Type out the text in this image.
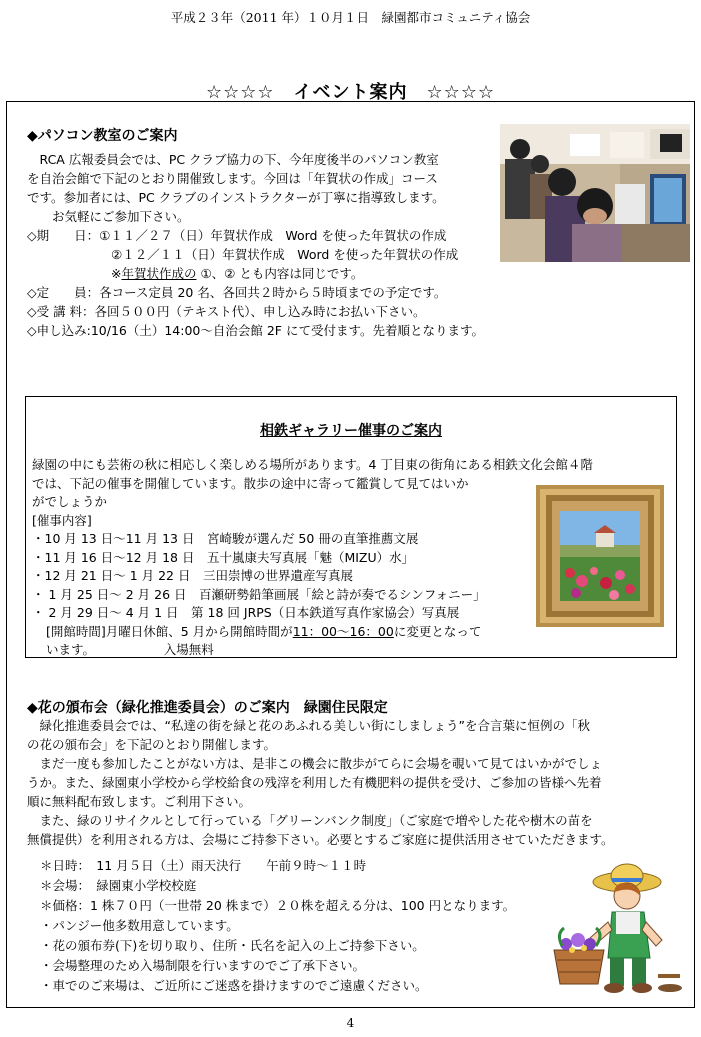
平成２３年（2011 年）１０月１日　緑園都市コミュニティ協会
☆☆☆☆　イベント案内　☆☆☆☆
◆パソコン教室のご案内
　RCA 広報委員会では、PC クラブ協力の下、今年度後半のパソコン教室
を自治会館で下記のとおり開催致します。今回は「年賀状の作成」コース
です。参加者には、PC クラブのインストラクターが丁寧に指導致します。
　　お気軽にご参加下さい。
◇期　　日：①１１／２７（日）年賀状作成　Word を使った年賀状の作成
②１２／１１（日）年賀状作成　Word を使った年賀状の作成
※年賀状作成の ①、② とも内容は同じです。
◇定　　員：各コース定員 20 名、各回共２時から５時頃までの予定です。
◇受 講 料：各回５００円（テキスト代）、申し込み時にお払い下さい。
◇申し込み:10/16（土）14:00～自治会館 2F にて受付ます。先着順となります。
相鉄ギャラリー催事のご案内
緑園の中にも芸術の秋に相応しく楽しめる場所があります。4 丁目東の街角にある相鉄文化会館４階
では、下記の催事を開催しています。散歩の途中に寄って鑑賞して見てはいか
がでしょうか
[催事内容]
・10 月 13 日～11 月 13 日　宮崎駿が選んだ 50 冊の直筆推薦文展
・11 月 16 日～12 月 18 日　五十嵐康夫写真展「魅（MIZU）水」
・12 月 21 日～ 1 月 22 日　三田崇博の世界遺産写真展
・ 1 月 25 日～ 2 月 26 日　百瀬研勢鉛筆画展「絵と詩が奏でるシンフォニー」
・ 2 月 29 日～ 4 月 1 日　第 18 回 JRPS（日本鉄道写真作家協会）写真展
[開館時間]月曜日休館、5 月から開館時間が11：00～16：00に変更となって
います。　　　　　　入場無料
◆花の頒布会（緑化推進委員会）のご案内　緑園住民限定
　緑化推進委員会では、“私達の街を緑と花のあふれる美しい街にしましょう”を合言葉に恒例の「秋
の花の頒布会」を下記のとおり開催します。
　まだ一度も参加したことがない方は、是非この機会に散歩がてらに会場を覗いて見てはいかがでしょ
うか。また、緑園東小学校から学校給食の残滓を利用した有機肥料の提供を受け、ご参加の皆様へ先着
順に無料配布致します。ご利用下さい。
　また、緑のリサイクルとして行っている「グリーンバンク制度」（ご家庭で増やした花や樹木の苗を
無償提供）を利用される方は、会場にご持参下さい。必要とするご家庭に提供活用させていただきます。
＊日時：　11 月５日（土）雨天決行　　午前９時～１１時
＊会場：　緑園東小学校校庭
＊価格：1 株７０円（一世帯 20 株まで）２０株を超える分は、100 円となります。
・パンジー他多数用意しています。
・花の頒布券(下)を切り取り、住所・氏名を記入の上ご持参下さい。
・会場整理のため入場制限を行いますのでご了承下さい。
・車でのご来場は、ご近所にご迷惑を掛けますのでご遠慮ください。
4
